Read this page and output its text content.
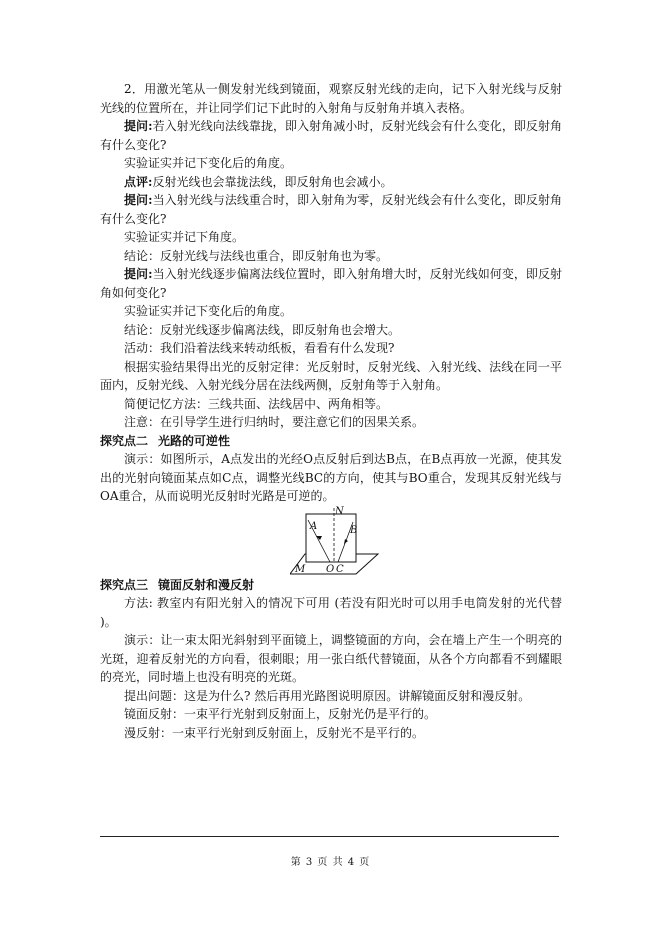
2．用激光笔从一侧发射光线到镜面，观察反射光线的走向，记下入射光线与反射光线的位置所在，并让同学们记下此时的入射角与反射角并填入表格。

提问:若入射光线向法线靠拢，即入射角减小时，反射光线会有什么变化，即反射角有什么变化?

实验证实并记下变化后的角度。

点评:反射光线也会靠拢法线，即反射角也会减小。

提问:当入射光线与法线重合时，即入射角为零，反射光线会有什么变化，即反射角有什么变化?

实验证实并记下角度。

结论：反射光线与法线也重合，即反射角也为零。

提问:当入射光线逐步偏离法线位置时，即入射角增大时，反射光线如何变，即反射角如何变化?

实验证实并记下变化后的角度。

结论：反射光线逐步偏离法线，即反射角也会增大。

活动：我们沿着法线来转动纸板，看看有什么发现?

根据实验结果得出光的反射定律：光反射时，反射光线、入射光线、法线在同一平面内，反射光线、入射光线分居在法线两侧，反射角等于入射角。

简便记忆方法：三线共面、法线居中、两角相等。

注意：在引导学生进行归纳时，要注意它们的因果关系。

探究点二 光路的可逆性

演示：如图所示，A点发出的光经O点反射后到达B点，在B点再放一光源，使其发出的光射向镜面某点如C点，调整光线BC的方向，使其与BO重合，发现其反射光线与OA重合，从而说明光反射时光路是可逆的。

A	B
N
O C
M

探究点三 镜面反射和漫反射

方法: 教室内有阳光射入的情况下可用 (若没有阳光时可以用手电筒发射的光代替 )。

演示：让一束太阳光斜射到平面镜上，调整镜面的方向，会在墙上产生一个明亮的光斑，迎着反射光的方向看，很刺眼；用一张白纸代替镜面，从各个方向都看不到耀眼的亮光，同时墙上也没有明亮的光斑。

提出问题：这是为什么? 然后再用光路图说明原因。讲解镜面反射和漫反射。

镜面反射：一束平行光射到反射面上，反射光仍是平行的。

漫反射：一束平行光射到反射面上，反射光不是平行的。

第 3 页 共 4 页
